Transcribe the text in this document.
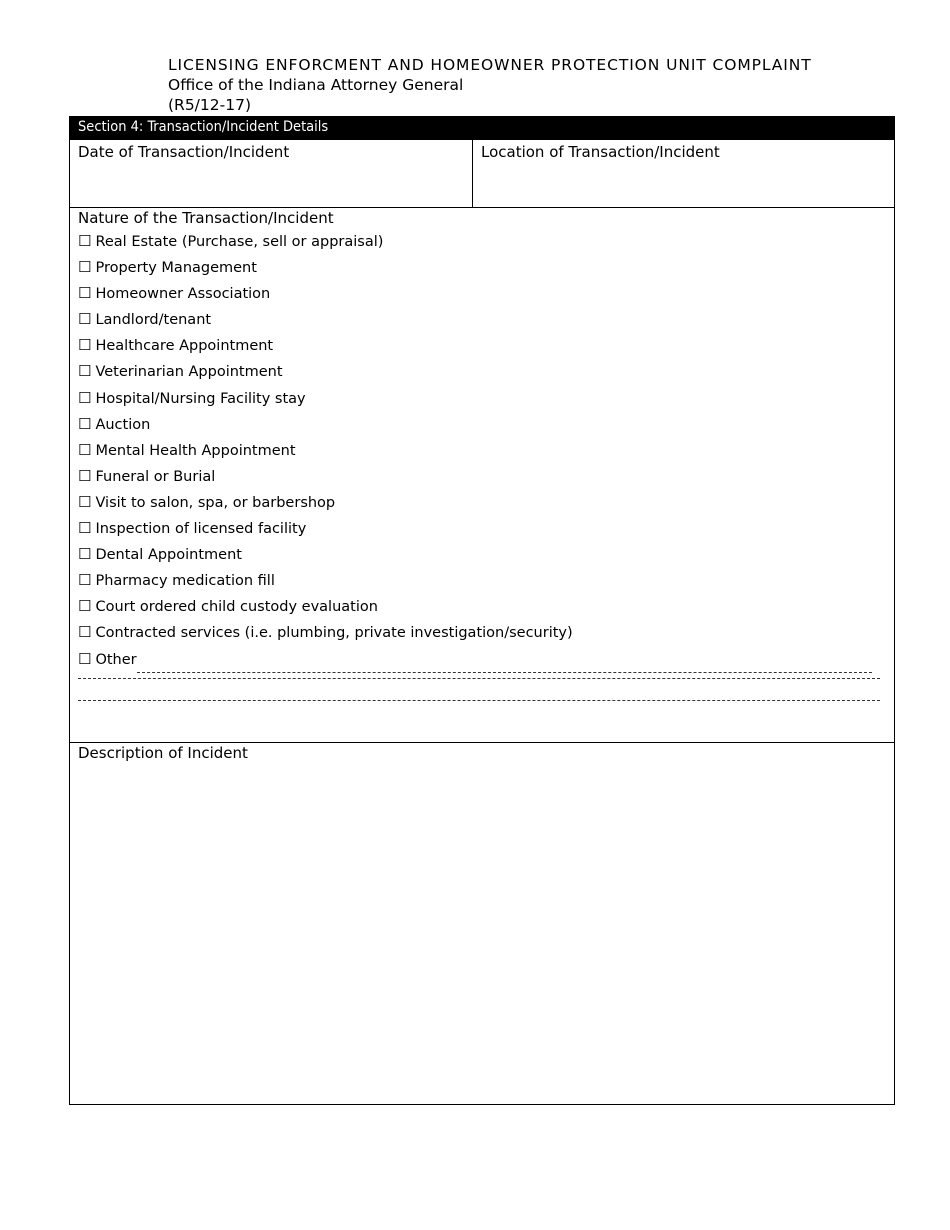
LICENSING ENFORCMENT AND HOMEOWNER PROTECTION UNIT COMPLAINT
Office of the Indiana Attorney General
(R5/12-17)
Section 4: Transaction/Incident Details
Date of Transaction/Incident	Location of Transaction/Incident
Nature of the Transaction/Incident
☐ Real Estate (Purchase, sell or appraisal)
☐ Property Management
☐ Homeowner Association
☐ Landlord/tenant
☐ Healthcare Appointment
☐ Veterinarian Appointment
☐ Hospital/Nursing Facility stay
☐ Auction
☐ Mental Health Appointment
☐ Funeral or Burial
☐ Visit to salon, spa, or barbershop
☐ Inspection of licensed facility
☐ Dental Appointment
☐ Pharmacy medication fill
☐ Court ordered child custody evaluation
☐ Contracted services (i.e. plumbing, private investigation/security)
☐ Other
Description of Incident
